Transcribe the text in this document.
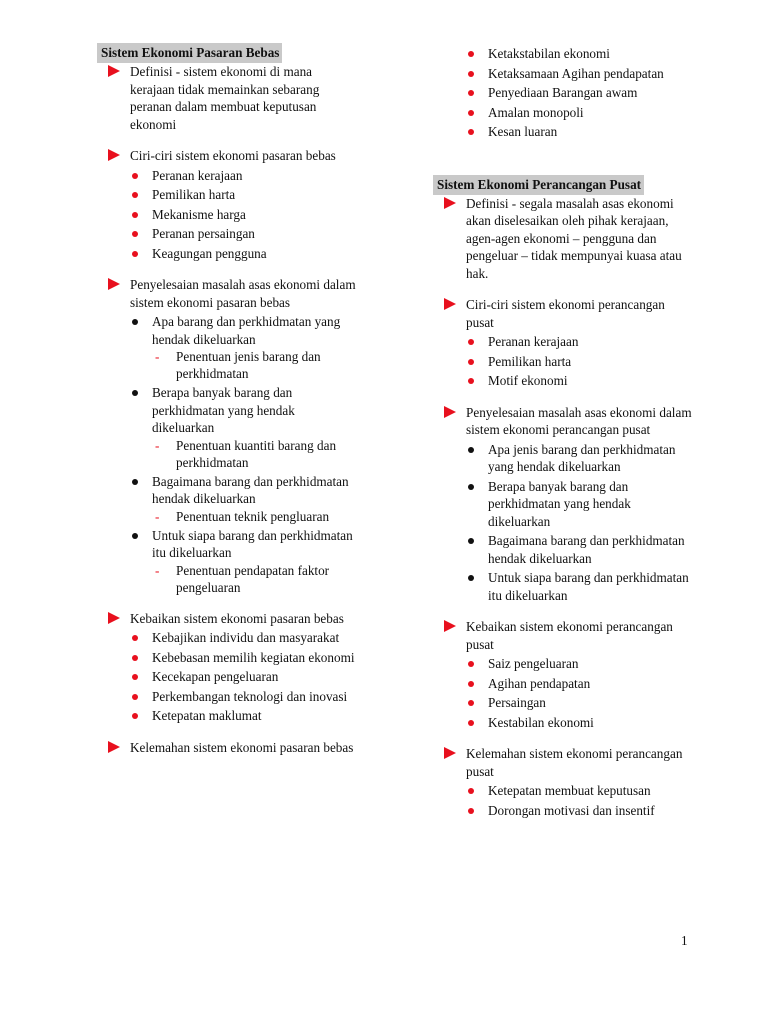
Sistem Ekonomi Pasaran Bebas
Definisi - sistem ekonomi di mana kerajaan tidak memainkan sebarang peranan dalam membuat keputusan ekonomi
Ciri-ciri sistem ekonomi pasaran bebas
Peranan kerajaan
Pemilikan harta
Mekanisme harga
Peranan persaingan
Keagungan pengguna
Penyelesaian masalah asas ekonomi dalam sistem ekonomi pasaran bebas
Apa barang dan perkhidmatan yang hendak dikeluarkan
- Penentuan jenis barang dan perkhidmatan
Berapa banyak barang dan perkhidmatan yang hendak dikeluarkan
- Penentuan kuantiti barang dan perkhidmatan
Bagaimana barang dan perkhidmatan hendak dikeluarkan
- Penentuan teknik pengluaran
Untuk siapa barang dan perkhidmatan itu dikeluarkan
- Penentuan pendapatan faktor pengeluaran
Kebaikan sistem ekonomi pasaran bebas
Kebajikan individu dan masyarakat
Kebebasan memilih kegiatan ekonomi
Kecekapan pengeluaran
Perkembangan teknologi dan inovasi
Ketepatan maklumat
Kelemahan sistem ekonomi pasaran bebas
Ketakstabilan ekonomi
Ketaksamaan Agihan pendapatan
Penyediaan Barangan awam
Amalan monopoli
Kesan luaran
Sistem Ekonomi Perancangan Pusat
Definisi - segala masalah asas ekonomi akan diselesaikan oleh pihak kerajaan, agen-agen ekonomi – pengguna dan pengeluar – tidak mempunyai kuasa atau hak.
Ciri-ciri sistem ekonomi perancangan pusat
Peranan kerajaan
Pemilikan harta
Motif ekonomi
Penyelesaian masalah asas ekonomi dalam sistem ekonomi perancangan pusat
Apa jenis barang dan perkhidmatan yang hendak dikeluarkan
Berapa banyak barang dan perkhidmatan yang hendak dikeluarkan
Bagaimana barang dan perkhidmatan hendak dikeluarkan
Untuk siapa barang dan perkhidmatan itu dikeluarkan
Kebaikan sistem ekonomi perancangan pusat
Saiz pengeluaran
Agihan pendapatan
Persaingan
Kestabilan ekonomi
Kelemahan sistem ekonomi perancangan pusat
Ketepatan membuat keputusan
Dorongan motivasi dan insentif
1
